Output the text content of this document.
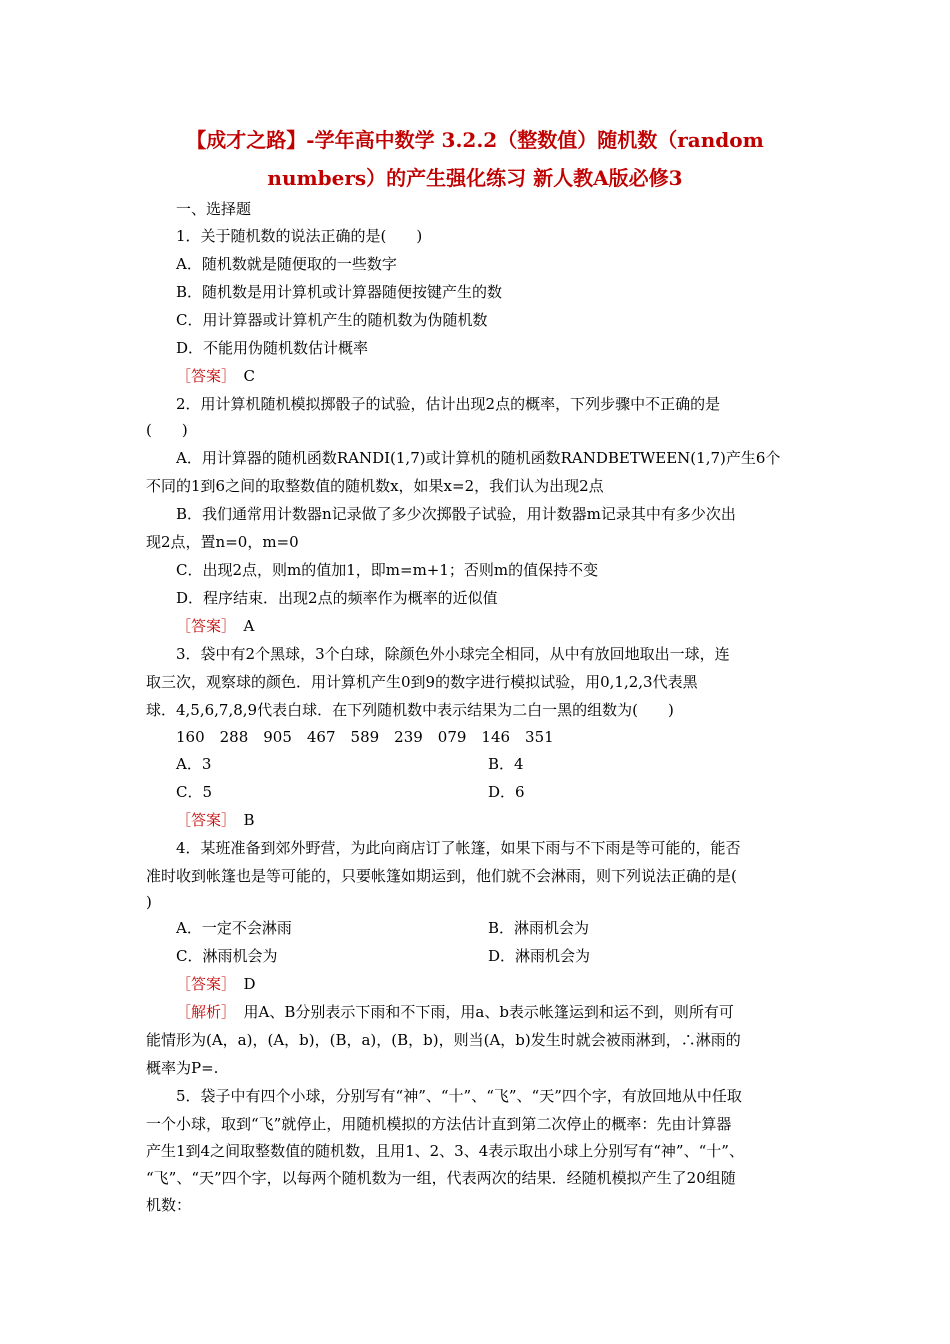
【成才之路】-学年高中数学 3.2.2（整数值）随机数（random
numbers）的产生强化练习 新人教A版必修3
一、选择题
1．关于随机数的说法正确的是(　　)
A．随机数就是随便取的一些数字
B．随机数是用计算机或计算器随便按键产生的数
C．用计算器或计算机产生的随机数为伪随机数
D．不能用伪随机数估计概率
［答案］　 C
2．用计算机随机模拟掷骰子的试验，估计出现2点的概率，下列步骤中不正确的是
(　　)
A．用计算器的随机函数RANDI(1,7)或计算机的随机函数RANDBETWEEN(1,7)产生6个
不同的1到6之间的取整数值的随机数x，如果x=2，我们认为出现2点
B．我们通常用计数器n记录做了多少次掷骰子试验，用计数器m记录其中有多少次出
现2点，置n=0，m=0
C．出现2点，则m的值加1，即m=m+1；否则m的值保持不变
D．程序结束．出现2点的频率作为概率的近似值
［答案］　 A
3．袋中有2个黑球，3个白球，除颜色外小球完全相同，从中有放回地取出一球，连
取三次，观察球的颜色．用计算机产生0到9的数字进行模拟试验，用0,1,2,3代表黑
球．4,5,6,7,8,9代表白球．在下列随机数中表示结果为二白一黑的组数为(　　)
160　288　905　467　589　239　079　146　351
A．3	B．4
C．5	D．6
［答案］　 B
4．某班准备到郊外野营，为此向商店订了帐篷，如果下雨与不下雨是等可能的，能否
准时收到帐篷也是等可能的，只要帐篷如期运到，他们就不会淋雨，则下列说法正确的是(
)
A．一定不会淋雨	B．淋雨机会为
C．淋雨机会为	D．淋雨机会为
［答案］　 D
［解析］　 用A、B分别表示下雨和不下雨，用a、b表示帐篷运到和运不到，则所有可
能情形为(A，a)，(A，b)，(B，a)，(B，b)，则当(A，b)发生时就会被雨淋到，∴淋雨的
概率为P=.
5．袋子中有四个小球，分别写有“神”、“十”、“飞”、“天”四个字，有放回地从中任取
一个小球，取到“飞”就停止，用随机模拟的方法估计直到第二次停止的概率：先由计算器
产生1到4之间取整数值的随机数，且用1、2、3、4表示取出小球上分别写有“神”、“十”、
“飞”、“天”四个字，以每两个随机数为一组，代表两次的结果．经随机模拟产生了20组随
机数：
